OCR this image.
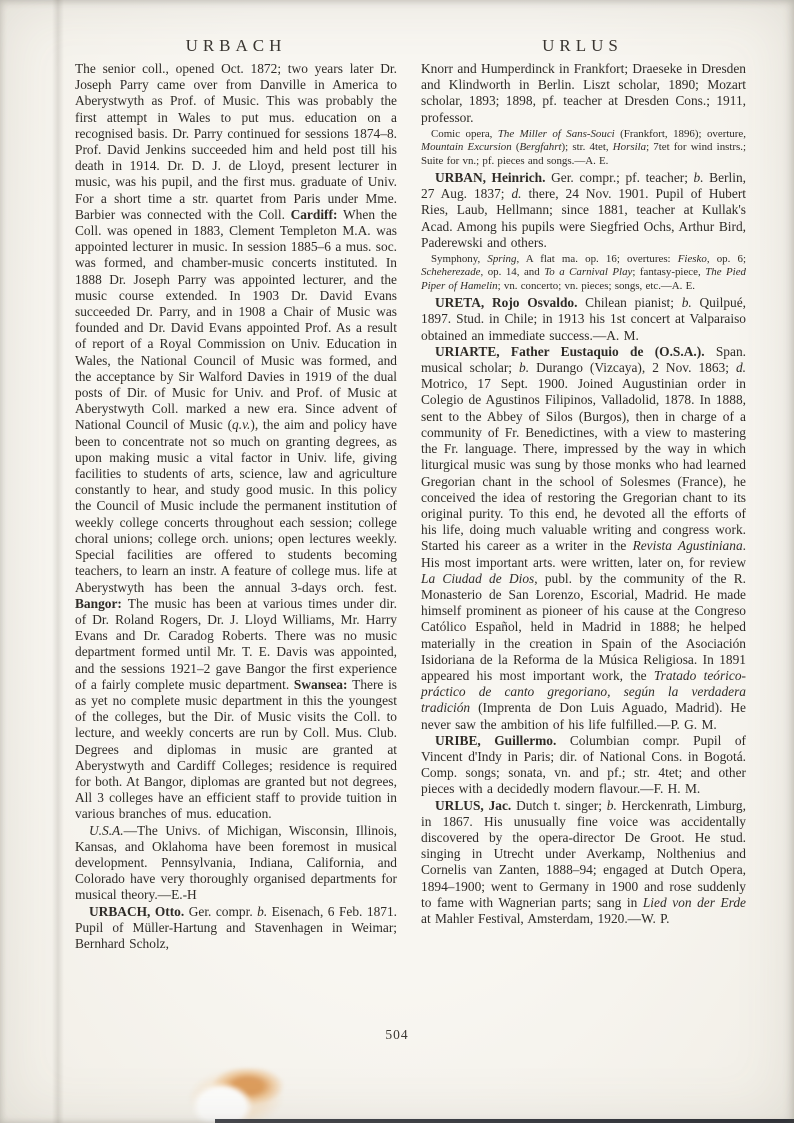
URBACH	URLUS

The senior coll., opened Oct. 1872; two years later Dr. Joseph Parry came over from Danville in America to Aberystwyth as Prof. of Music. This was probably the first attempt in Wales to put mus. education on a recognised basis. Dr. Parry continued for sessions 1874–8. Prof. David Jenkins succeeded him and held post till his death in 1914. Dr. D. J. de Lloyd, present lecturer in music, was his pupil, and the first mus. graduate of Univ. For a short time a str. quartet from Paris under Mme. Barbier was connected with the Coll. Cardiff: When the Coll. was opened in 1883, Clement Templeton M.A. was appointed lecturer in music. In session 1885–6 a mus. soc. was formed, and chamber-music concerts instituted. In 1888 Dr. Joseph Parry was appointed lecturer, and the music course extended. In 1903 Dr. David Evans succeeded Dr. Parry, and in 1908 a Chair of Music was founded and Dr. David Evans appointed Prof. As a result of report of a Royal Commission on Univ. Education in Wales, the National Council of Music was formed, and the acceptance by Sir Walford Davies in 1919 of the dual posts of Dir. of Music for Univ. and Prof. of Music at Aberystwyth Coll. marked a new era. Since advent of National Council of Music (q.v.), the aim and policy have been to concentrate not so much on granting degrees, as upon making music a vital factor in Univ. life, giving facilities to students of arts, science, law and agriculture constantly to hear, and study good music. In this policy the Council of Music include the permanent institution of weekly college concerts throughout each session; college choral unions; college orch. unions; open lectures weekly. Special facilities are offered to students becoming teachers, to learn an instr. A feature of college mus. life at Aberystwyth has been the annual 3-days orch. fest. Bangor: The music has been at various times under dir. of Dr. Roland Rogers, Dr. J. Lloyd Williams, Mr. Harry Evans and Dr. Caradog Roberts. There was no music department formed until Mr. T. E. Davis was appointed, and the sessions 1921–2 gave Bangor the first experience of a fairly complete music department. Swansea: There is as yet no complete music department in this the youngest of the colleges, but the Dir. of Music visits the Coll. to lecture, and weekly concerts are run by Coll. Mus. Club. Degrees and diplomas in music are granted at Aberystwyth and Cardiff Colleges; residence is required for both. At Bangor, diplomas are granted but not degrees, All 3 colleges have an efficient staff to provide tuition in various branches of mus. education.

U.S.A.—The Univs. of Michigan, Wisconsin, Illinois, Kansas, and Oklahoma have been foremost in musical development. Pennsylvania, Indiana, California, and Colorado have very thoroughly organised departments for musical theory.—E.-H

URBACH, Otto. Ger. compr. b. Eisenach, 6 Feb. 1871. Pupil of Müller-Hartung and Stavenhagen in Weimar; Bernhard Scholz,

Knorr and Humperdinck in Frankfort; Draeseke in Dresden and Klindworth in Berlin. Liszt scholar, 1890; Mozart scholar, 1893; 1898, pf. teacher at Dresden Cons.; 1911, professor.

Comic opera, The Miller of Sans-Souci (Frankfort, 1896); overture, Mountain Excursion (Bergfahrt); str. 4tet, Horsila; 7tet for wind instrs.; Suite for vn.; pf. pieces and songs.—A. E.

URBAN, Heinrich. Ger. compr.; pf. teacher; b. Berlin, 27 Aug. 1837; d. there, 24 Nov. 1901. Pupil of Hubert Ries, Laub, Hellmann; since 1881, teacher at Kullak's Acad. Among his pupils were Siegfried Ochs, Arthur Bird, Paderewski and others.

Symphony, Spring, A flat ma. op. 16; overtures: Fiesko, op. 6; Scheherezade, op. 14, and To a Carnival Play; fantasy-piece, The Pied Piper of Hamelin; vn. concerto; vn. pieces; songs, etc.—A. E.

URETA, Rojo Osvaldo. Chilean pianist; b. Quilpué, 1897. Stud. in Chile; in 1913 his 1st concert at Valparaiso obtained an immediate success.—A. M.

URIARTE, Father Eustaquio de (O.S.A.). Span. musical scholar; b. Durango (Vizcaya), 2 Nov. 1863; d. Motrico, 17 Sept. 1900. Joined Augustinian order in Colegio de Agustinos Filipinos, Valladolid, 1878. In 1888, sent to the Abbey of Silos (Burgos), then in charge of a community of Fr. Benedictines, with a view to mastering the Fr. language. There, impressed by the way in which liturgical music was sung by those monks who had learned Gregorian chant in the school of Solesmes (France), he conceived the idea of restoring the Gregorian chant to its original purity. To this end, he devoted all the efforts of his life, doing much valuable writing and congress work. Started his career as a writer in the Revista Agustiniana. His most important arts. were written, later on, for review La Ciudad de Dios, publ. by the community of the R. Monasterio de San Lorenzo, Escorial, Madrid. He made himself prominent as pioneer of his cause at the Congreso Católico Español, held in Madrid in 1888; he helped materially in the creation in Spain of the Asociación Isidoriana de la Reforma de la Música Religiosa. In 1891 appeared his most important work, the Tratado teórico-práctico de canto gregoriano, según la verdadera tradición (Imprenta de Don Luis Aguado, Madrid). He never saw the ambition of his life fulfilled.—P. G. M.

URIBE, Guillermo. Columbian compr. Pupil of Vincent d'Indy in Paris; dir. of National Cons. in Bogotá. Comp. songs; sonata, vn. and pf.; str. 4tet; and other pieces with a decidedly modern flavour.—F. H. M.

URLUS, Jac. Dutch t. singer; b. Herckenrath, Limburg, in 1867. His unusually fine voice was accidentally discovered by the opera-director De Groot. He stud. singing in Utrecht under Averkamp, Nolthenius and Cornelis van Zanten, 1888–94; engaged at Dutch Opera, 1894–1900; went to Germany in 1900 and rose suddenly to fame with Wagnerian parts; sang in Lied von der Erde at Mahler Festival, Amsterdam, 1920.—W. P.

504
